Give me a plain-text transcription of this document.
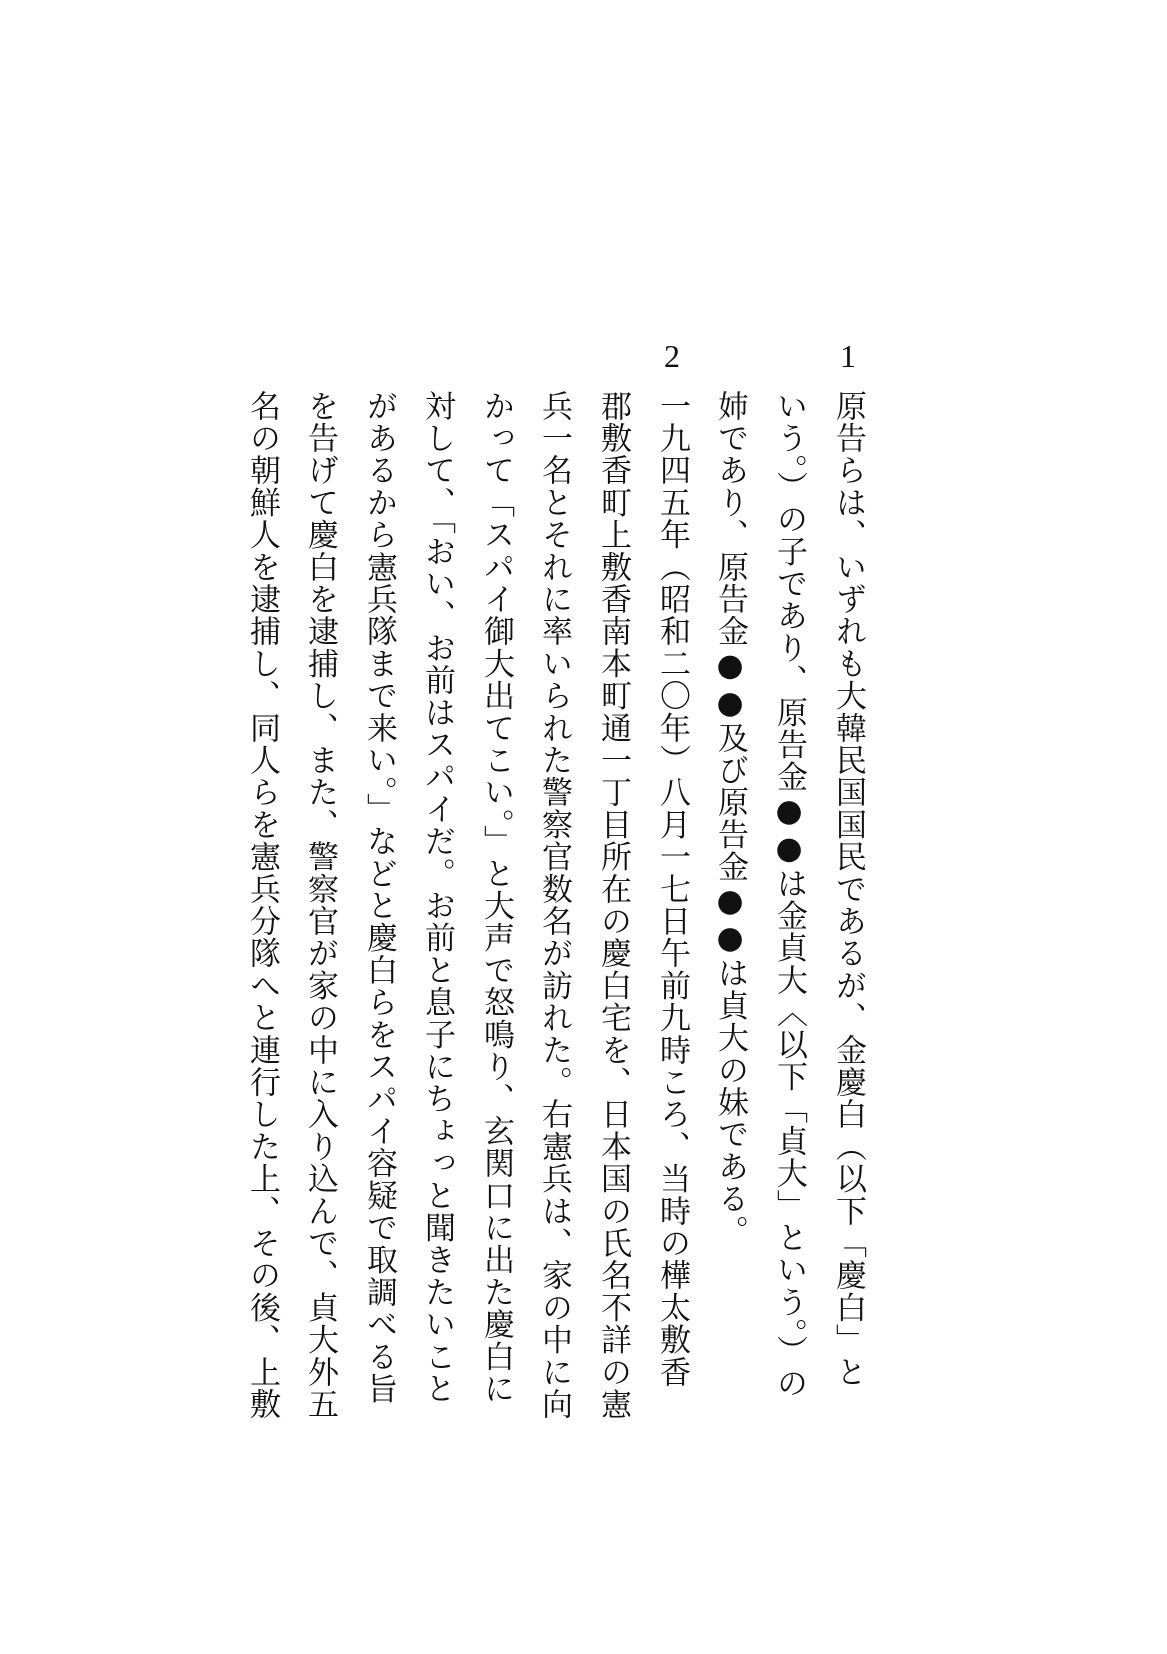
1
2
原告らは、いずれも大韓民国国民であるが、金慶白（以下「慶白」と
いう。）の子であり、原告金●●は金貞大〈以下「貞大」という。）の
姉であり、原告金●●及び原告金●●は貞大の妹である。
一九四五年（昭和二〇年）八月一七日午前九時ころ、当時の樺太敷香
郡敷香町上敷香南本町通一丁目所在の慶白宅を、日本国の氏名不詳の憲
兵一名とそれに率いられた警察官数名が訪れた。右憲兵は、家の中に向
かって「スパイ御大出てこい。」と大声で怒鳴り、玄関口に出た慶白に
対して、「おい、お前はスパイだ。お前と息子にちょっと聞きたいこと
があるから憲兵隊まで来い。」などと慶白らをスパイ容疑で取調べる旨
を告げて慶白を逮捕し、また、警察官が家の中に入り込んで、貞大外五
名の朝鮮人を逮捕し、同人らを憲兵分隊へと連行した上、その後、上敷
